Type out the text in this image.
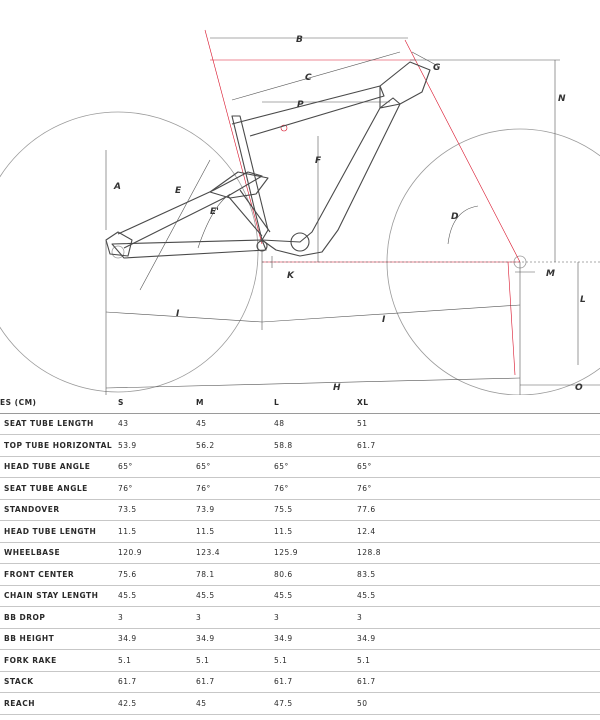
B
C
G
N
P
F
A	E
E'	D
M
K
L
I
I
H	O
ES (CM)	S	M	L	XL
SEAT TUBE LENGTH	43	45	48	51
TOP TUBE HORIZONTAL	53.9	56.2	58.8	61.7
HEAD TUBE ANGLE	65°	65°	65°	65°
SEAT TUBE ANGLE	76°	76°	76°	76°
STANDOVER	73.5	73.9	75.5	77.6
HEAD TUBE LENGTH	11.5	11.5	11.5	12.4
WHEELBASE	120.9	123.4	125.9	128.8
FRONT CENTER	75.6	78.1	80.6	83.5
CHAIN STAY LENGTH	45.5	45.5	45.5	45.5
BB DROP	3	3	3	3
BB HEIGHT	34.9	34.9	34.9	34.9
FORK RAKE	5.1	5.1	5.1	5.1
STACK	61.7	61.7	61.7	61.7
REACH	42.5	45	47.5	50
